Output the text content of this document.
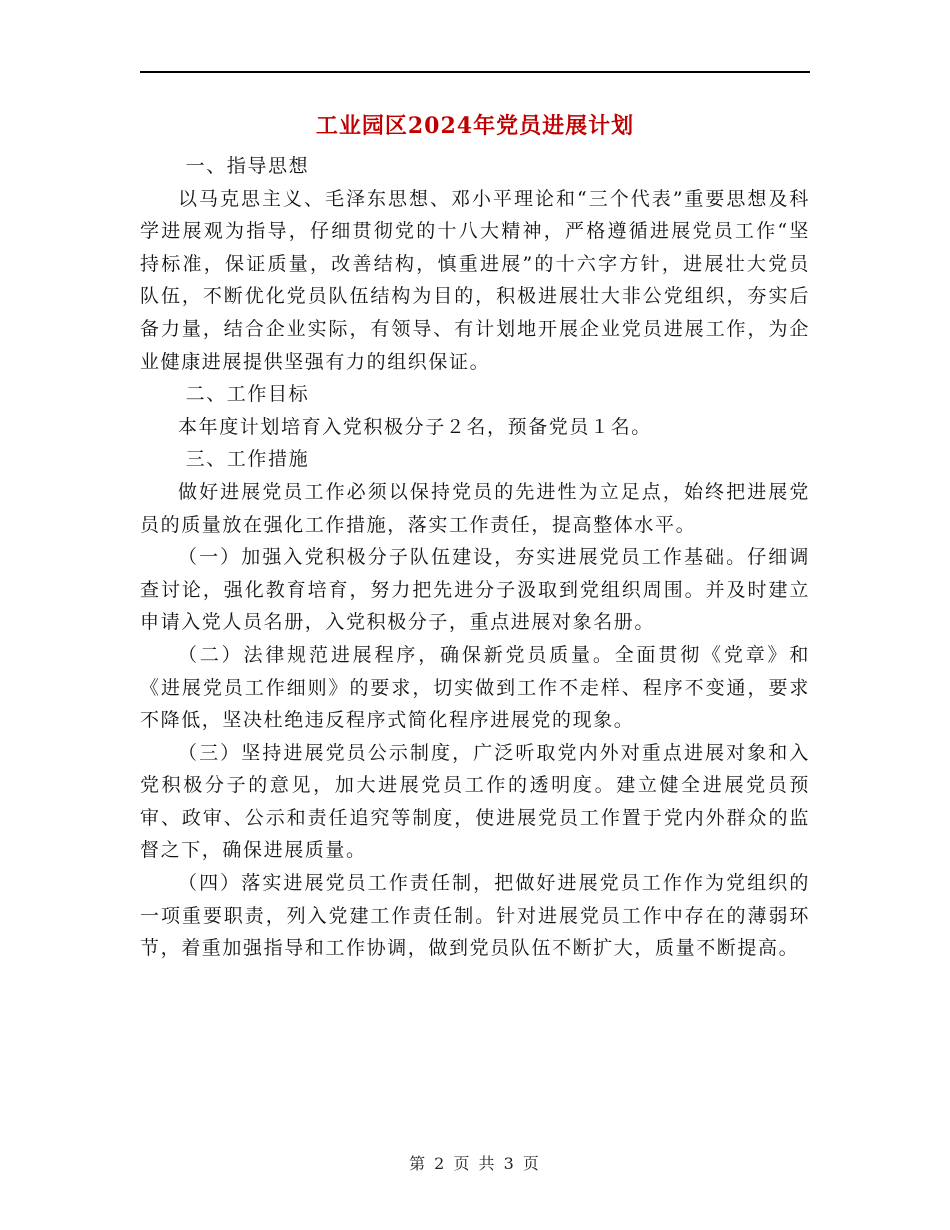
工业园区2024年党员进展计划

一、指导思想

以马克思主义、毛泽东思想、邓小平理论和“三个代表”重要思想及科学进展观为指导，仔细贯彻党的十八大精神，严格遵循进展党员工作“坚持标准，保证质量，改善结构，慎重进展”的十六字方针，进展壮大党员队伍，不断优化党员队伍结构为目的，积极进展壮大非公党组织，夯实后备力量，结合企业实际，有领导、有计划地开展企业党员进展工作，为企业健康进展提供坚强有力的组织保证。

二、工作目标

本年度计划培育入党积极分子２名，预备党员１名。

三、工作措施

做好进展党员工作必须以保持党员的先进性为立足点，始终把进展党员的质量放在强化工作措施，落实工作责任，提高整体水平。

（一）加强入党积极分子队伍建设，夯实进展党员工作基础。仔细调查讨论，强化教育培育，努力把先进分子汲取到党组织周围。并及时建立申请入党人员名册，入党积极分子，重点进展对象名册。

（二）法律规范进展程序，确保新党员质量。全面贯彻《党章》和《进展党员工作细则》的要求，切实做到工作不走样、程序不变通，要求不降低，坚决杜绝违反程序式简化程序进展党的现象。

（三）坚持进展党员公示制度，广泛听取党内外对重点进展对象和入党积极分子的意见，加大进展党员工作的透明度。建立健全进展党员预审、政审、公示和责任追究等制度，使进展党员工作置于党内外群众的监督之下，确保进展质量。

（四）落实进展党员工作责任制，把做好进展党员工作作为党组织的一项重要职责，列入党建工作责任制。针对进展党员工作中存在的薄弱环节，着重加强指导和工作协调，做到党员队伍不断扩大，质量不断提高。

第 2 页 共 3 页
